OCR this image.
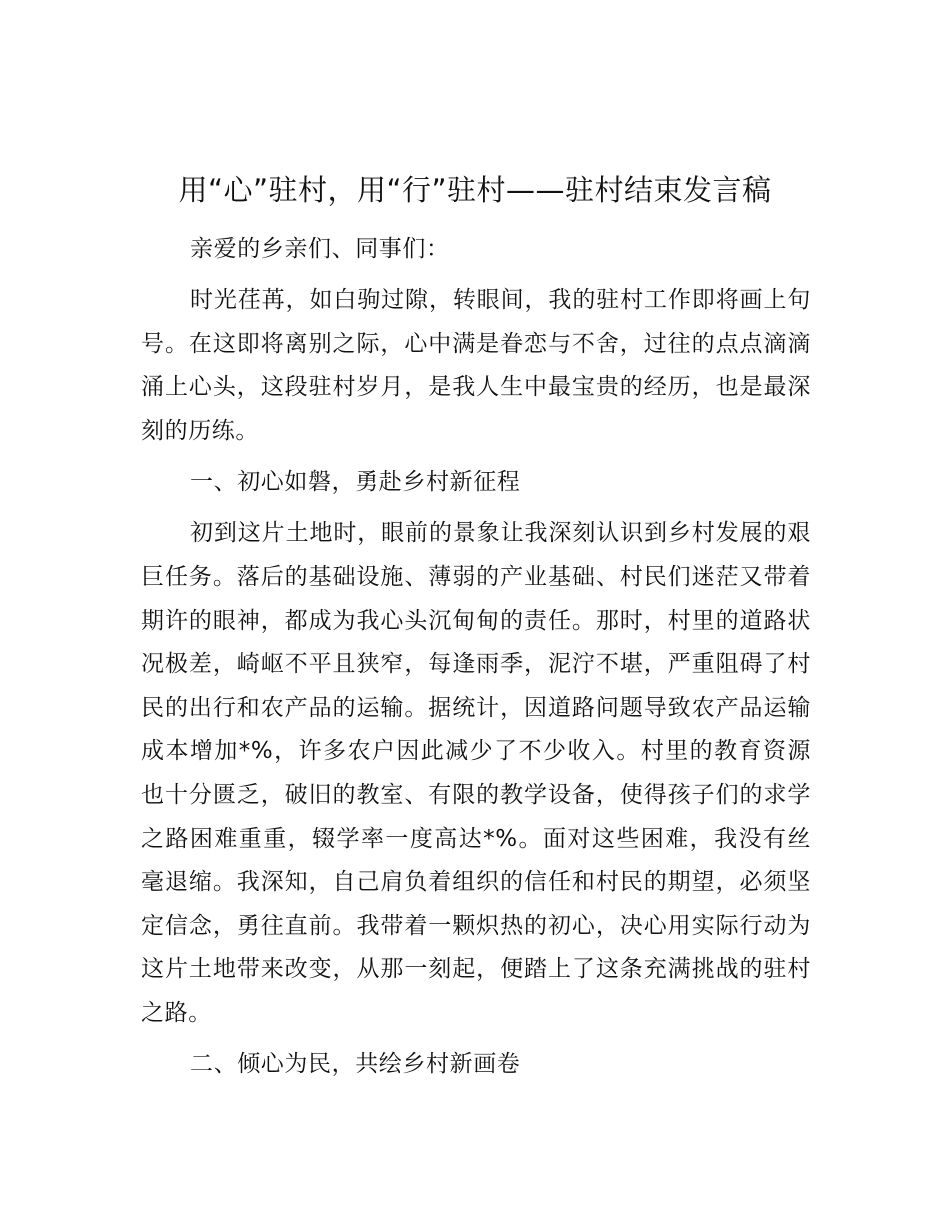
用“心”驻村，用“行”驻村——驻村结束发言稿

亲爱的乡亲们、同事们：

时光荏苒，如白驹过隙，转眼间，我的驻村工作即将画上句号。在这即将离别之际，心中满是眷恋与不舍，过往的点点滴滴涌上心头，这段驻村岁月，是我人生中最宝贵的经历，也是最深刻的历练。

一、初心如磐，勇赴乡村新征程

初到这片土地时，眼前的景象让我深刻认识到乡村发展的艰巨任务。落后的基础设施、薄弱的产业基础、村民们迷茫又带着期许的眼神，都成为我心头沉甸甸的责任。那时，村里的道路状况极差，崎岖不平且狭窄，每逢雨季，泥泞不堪，严重阻碍了村民的出行和农产品的运输。据统计，因道路问题导致农产品运输成本增加*%，许多农户因此减少了不少收入。村里的教育资源也十分匮乏，破旧的教室、有限的教学设备，使得孩子们的求学之路困难重重，辍学率一度高达*%。面对这些困难，我没有丝毫退缩。我深知，自己肩负着组织的信任和村民的期望，必须坚定信念，勇往直前。我带着一颗炽热的初心，决心用实际行动为这片土地带来改变，从那一刻起，便踏上了这条充满挑战的驻村之路。

二、倾心为民，共绘乡村新画卷
